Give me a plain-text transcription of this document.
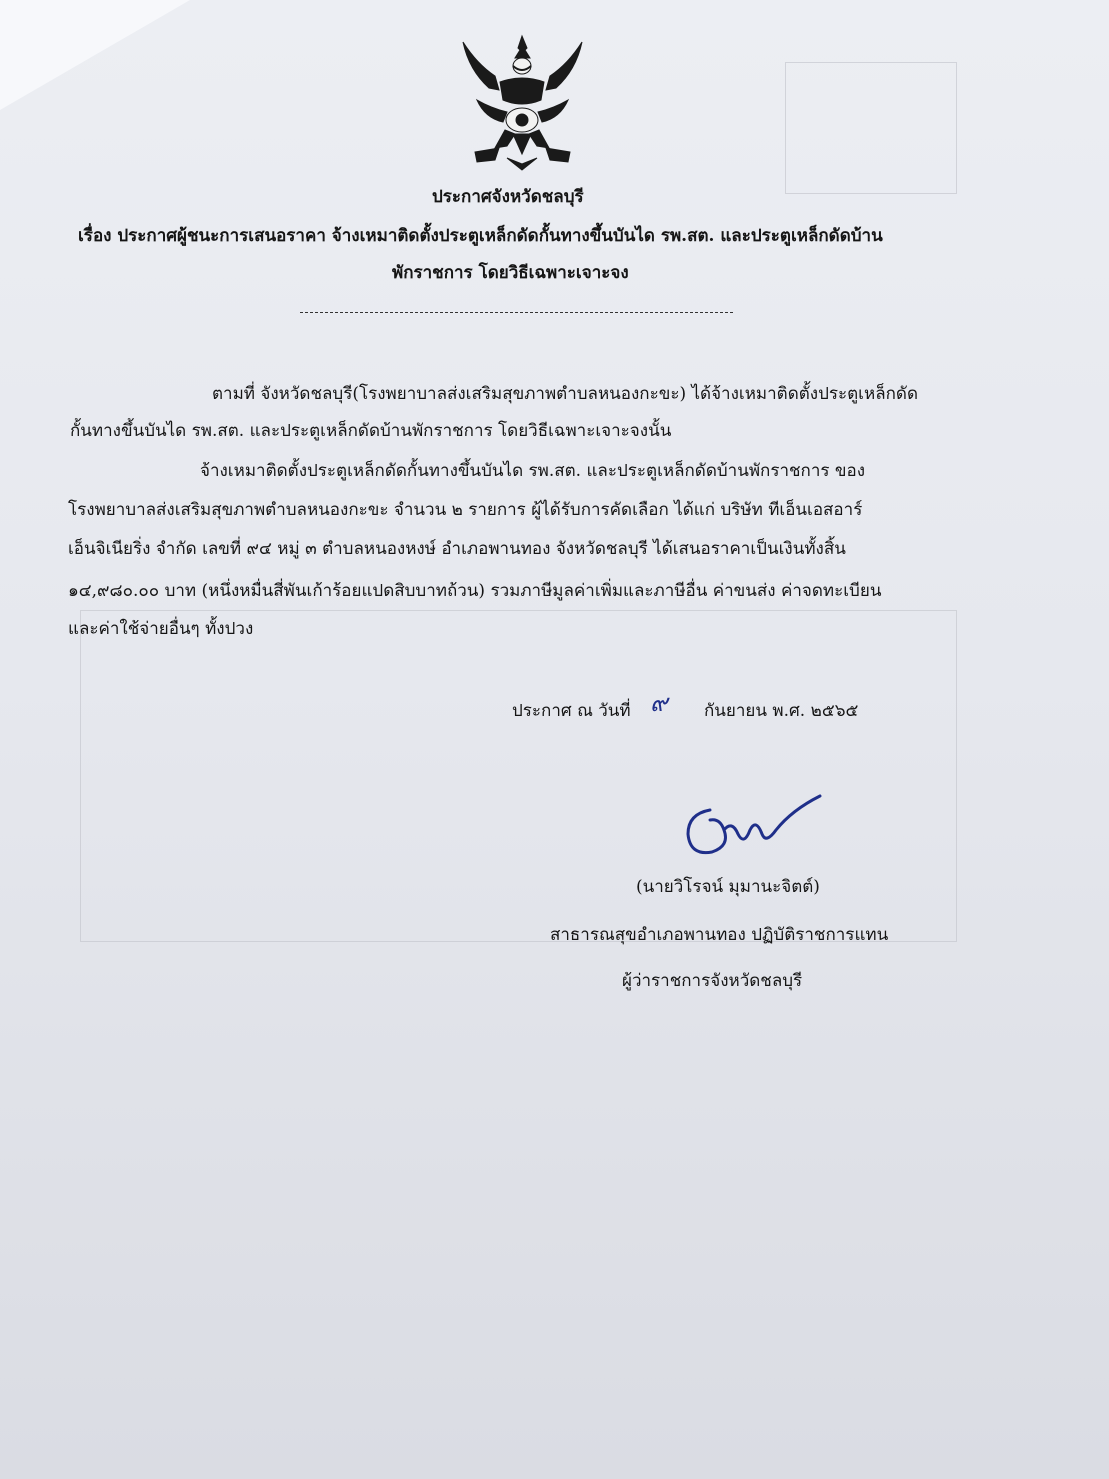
ประกาศจังหวัดชลบุรี
เรื่อง ประกาศผู้ชนะการเสนอราคา จ้างเหมาติดตั้งประตูเหล็กดัดกั้นทางขึ้นบันได รพ.สต. และประตูเหล็กดัดบ้าน
พักราชการ โดยวิธีเฉพาะเจาะจง
ตามที่ จังหวัดชลบุรี(โรงพยาบาลส่งเสริมสุขภาพตำบลหนองกะขะ) ได้จ้างเหมาติดตั้งประตูเหล็กดัด
กั้นทางขึ้นบันได รพ.สต. และประตูเหล็กดัดบ้านพักราชการ โดยวิธีเฉพาะเจาะจงนั้น
จ้างเหมาติดตั้งประตูเหล็กดัดกั้นทางขึ้นบันได รพ.สต. และประตูเหล็กดัดบ้านพักราชการ ของ
โรงพยาบาลส่งเสริมสุขภาพตำบลหนองกะขะ จำนวน ๒ รายการ ผู้ได้รับการคัดเลือก ได้แก่ บริษัท ทีเอ็นเอสอาร์
เอ็นจิเนียริ่ง จำกัด เลขที่ ๙๔ หมู่ ๓ ตำบลหนองหงษ์ อำเภอพานทอง จังหวัดชลบุรี ได้เสนอราคาเป็นเงินทั้งสิ้น
๑๔,๙๘๐.๐๐ บาท (หนึ่งหมื่นสี่พันเก้าร้อยแปดสิบบาทถ้วน) รวมภาษีมูลค่าเพิ่มและภาษีอื่น ค่าขนส่ง ค่าจดทะเบียน
และค่าใช้จ่ายอื่นๆ ทั้งปวง
ประกาศ ณ วันที่ ๙ กันยายน พ.ศ. ๒๕๖๕
(นายวิโรจน์ มุมานะจิตต์)
สาธารณสุขอำเภอพานทอง ปฏิบัติราชการแทน
ผู้ว่าราชการจังหวัดชลบุรี
